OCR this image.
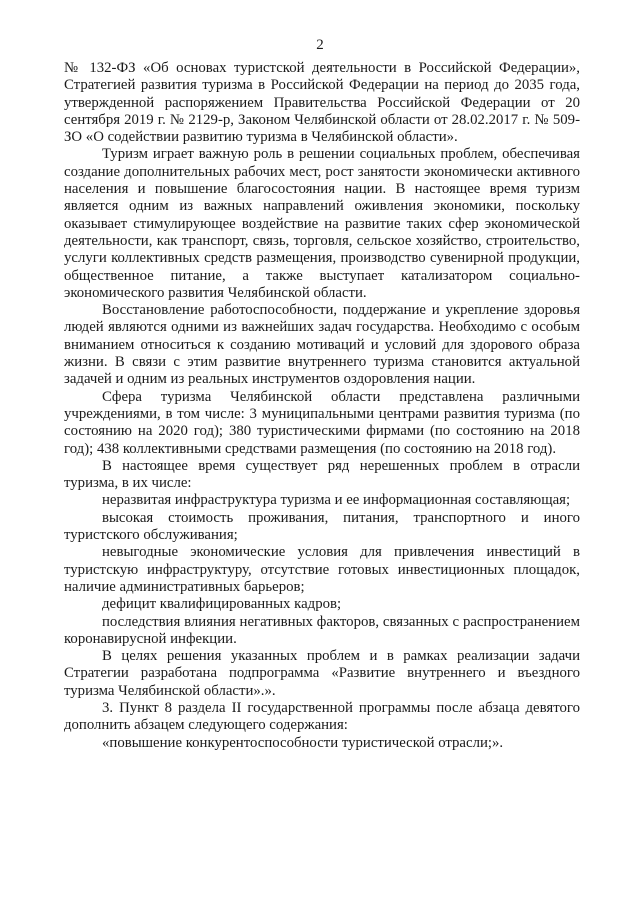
2

№ 132-ФЗ «Об основах туристской деятельности в Российской Федерации», Стратегией развития туризма в Российской Федерации на период до 2035 года, утвержденной распоряжением Правительства Российской Федерации от 20 сентября 2019 г. № 2129-р, Законом Челябинской области от 28.02.2017 г. № 509-ЗО «О содействии развитию туризма в Челябинской области».

Туризм играет важную роль в решении социальных проблем, обеспечивая создание дополнительных рабочих мест, рост занятости экономически активного населения и повышение благосостояния нации. В настоящее время туризм является одним из важных направлений оживления экономики, поскольку оказывает стимулирующее воздействие на развитие таких сфер экономической деятельности, как транспорт, связь, торговля, сельское хозяйство, строительство, услуги коллективных средств размещения, производство сувенирной продукции, общественное питание, а также выступает катализатором социально-экономического развития Челябинской области.

Восстановление работоспособности, поддержание и укрепление здоровья людей являются одними из важнейших задач государства. Необходимо с особым вниманием относиться к созданию мотиваций и условий для здорового образа жизни. В связи с этим развитие внутреннего туризма становится актуальной задачей и одним из реальных инструментов оздоровления нации.

Сфера туризма Челябинской области представлена различными учреждениями, в том числе: 3 муниципальными центрами развития туризма (по состоянию на 2020 год); 380 туристическими фирмами (по состоянию на 2018 год); 438 коллективными средствами размещения (по состоянию на 2018 год).

В настоящее время существует ряд нерешенных проблем в отрасли туризма, в их числе:

неразвитая инфраструктура туризма и ее информационная составляющая;

высокая стоимость проживания, питания, транспортного и иного туристского обслуживания;

невыгодные экономические условия для привлечения инвестиций в туристскую инфраструктуру, отсутствие готовых инвестиционных площадок, наличие административных барьеров;

дефицит квалифицированных кадров;

последствия влияния негативных факторов, связанных с распространением коронавирусной инфекции.

В целях решения указанных проблем и в рамках реализации задачи Стратегии разработана подпрограмма «Развитие внутреннего и въездного туризма Челябинской области».».

3. Пункт 8 раздела II государственной программы после абзаца девятого дополнить абзацем следующего содержания:

«повышение конкурентоспособности туристической отрасли;».
